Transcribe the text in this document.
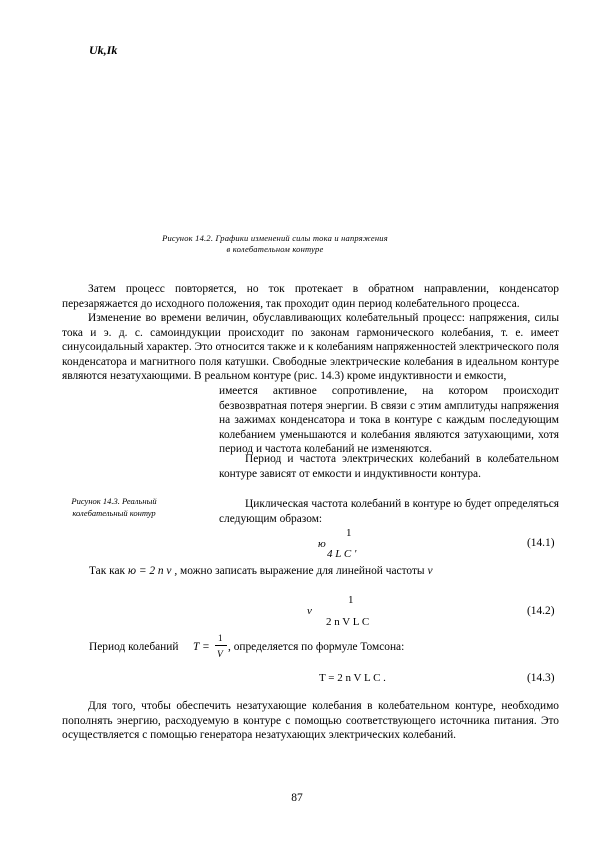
Uk,Ik
Рисунок 14.2. Графики изменений силы тока и напряжения
в колебательном контуре

Затем процесс повторяется, но ток протекает в обратном направлении, конденсатор перезаряжается до исходного положения, так проходит один период колебательного процесса.

Изменение во времени величин, обуславливающих колебательный процесс: напряжения, силы тока и э. д. с. самоиндукции происходит по законам гармонического колебания, т. е. имеет синусоидальный характер. Это относится также и к колебаниям напряженностей электрического поля конденсатора и магнитного поля катушки. Свободные электрические колебания в идеальном контуре являются незатухающими. В реальном контуре (рис. 14.3) кроме индуктивности и емкости,

имеется активное сопротивление, на котором происходит безвозвратная потеря энергии. В связи с этим амплитуды напряжения на зажимах конденсатора и тока в контуре с каждым последующим колебанием уменьшаются и колебания являются затухающими, хотя период и частота колебаний не изменяются.

Период и частота электрических колебаний в колебательном контуре зависят от емкости и индуктивности контура.

Рисунок 14.3. Реальный
колебательный контур

Циклическая частота колебаний в контуре ю будет определяться следующим образом:

1
ю
4 L C '
(14.1)
Так как ю = 2 п v , можно записать выражение для линейной частоты v
1
v
2 n V L C
(14.2)
Период колебаний T =
1
V
, определяется по формуле Томсона:
T = 2 n V L C .	(14.3)

Для того, чтобы обеспечить незатухающие колебания в колебательном контуре, необходимо пополнять энергию, расходуемую в контуре с помощью соответствующего источника питания. Это осуществляется с помощью генератора незатухающих электрических колебаний.

87
